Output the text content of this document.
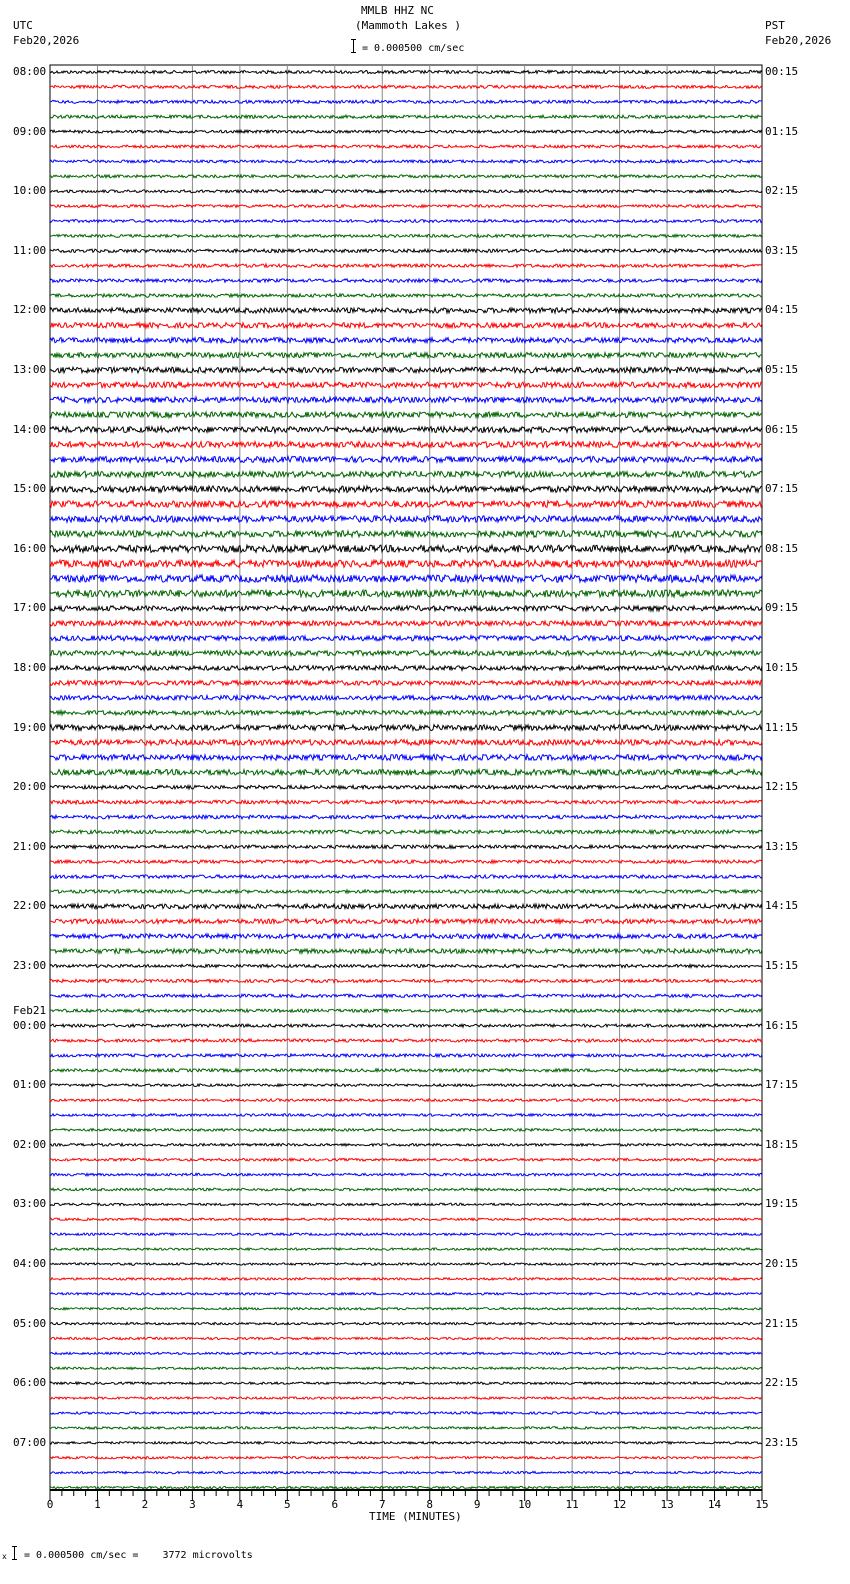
MMLB HHZ NC
(Mammoth Lakes )
UTC
Feb20,2026
PST
Feb20,2026
= 0.000500 cm/sec
0	1	2	3	4	5	6	7	8	9	10	11	12	13	14	15
08:00
09:00
10:00
11:00
12:00
13:00
14:00
15:00
16:00
17:00
18:00
19:00
20:00
21:00
22:00
23:00
00:00
01:00
02:00
03:00
04:00
05:00
06:00
07:00
00:15
01:15
02:15
03:15
04:15
05:15
06:15
07:15
08:15
09:15
10:15
11:15
12:15
13:15
14:15
15:15
16:15
17:15
18:15
19:15
20:15
21:15
22:15
23:15
Feb21
TIME (MINUTES)
x = 0.000500 cm/sec =    3772 microvolts
